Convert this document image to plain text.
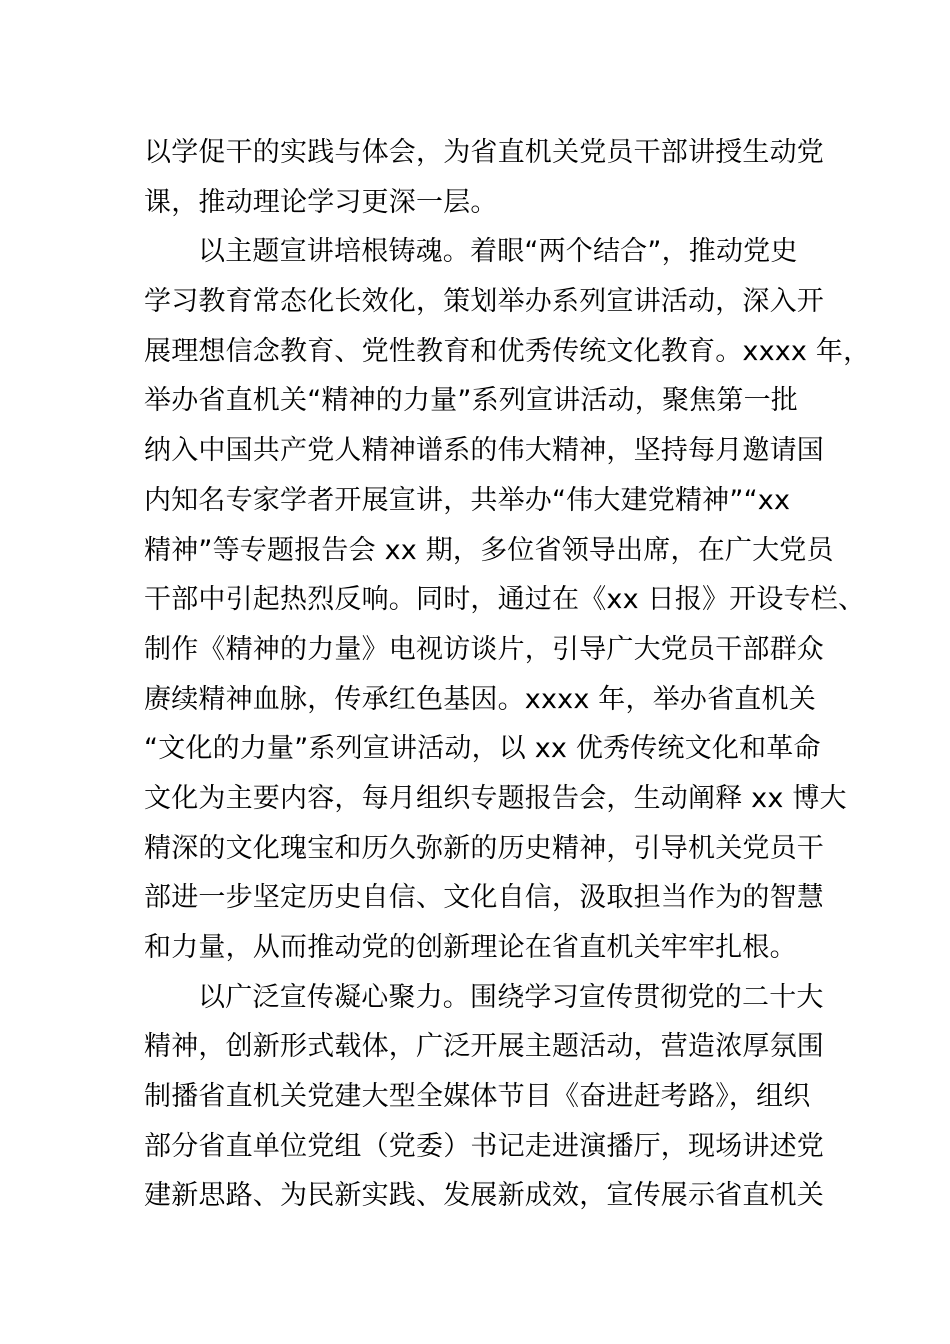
以学促干的实践与体会，为省直机关党员干部讲授生动党
课，推动理论学习更深一层。
以主题宣讲培根铸魂。着眼“两个结合”，推动党史
学习教育常态化长效化，策划举办系列宣讲活动，深入开
展理想信念教育、党性教育和优秀传统文化教育。xxxx 年，
举办省直机关“精神的力量”系列宣讲活动，聚焦第一批
纳入中国共产党人精神谱系的伟大精神，坚持每月邀请国
内知名专家学者开展宣讲，共举办“伟大建党精神”“xx
精神”等专题报告会 xx 期，多位省领导出席，在广大党员
干部中引起热烈反响。同时，通过在《xx 日报》开设专栏、
制作《精神的力量》电视访谈片，引导广大党员干部群众
赓续精神血脉，传承红色基因。xxxx 年，举办省直机关
“文化的力量”系列宣讲活动，以 xx 优秀传统文化和革命
文化为主要内容，每月组织专题报告会，生动阐释 xx 博大
精深的文化瑰宝和历久弥新的历史精神，引导机关党员干
部进一步坚定历史自信、文化自信，汲取担当作为的智慧
和力量，从而推动党的创新理论在省直机关牢牢扎根。
以广泛宣传凝心聚力。围绕学习宣传贯彻党的二十大
精神，创新形式载体，广泛开展主题活动，营造浓厚氛围
制播省直机关党建大型全媒体节目《奋进赶考路》，组织
部分省直单位党组（党委）书记走进演播厅，现场讲述党
建新思路、为民新实践、发展新成效，宣传展示省直机关
